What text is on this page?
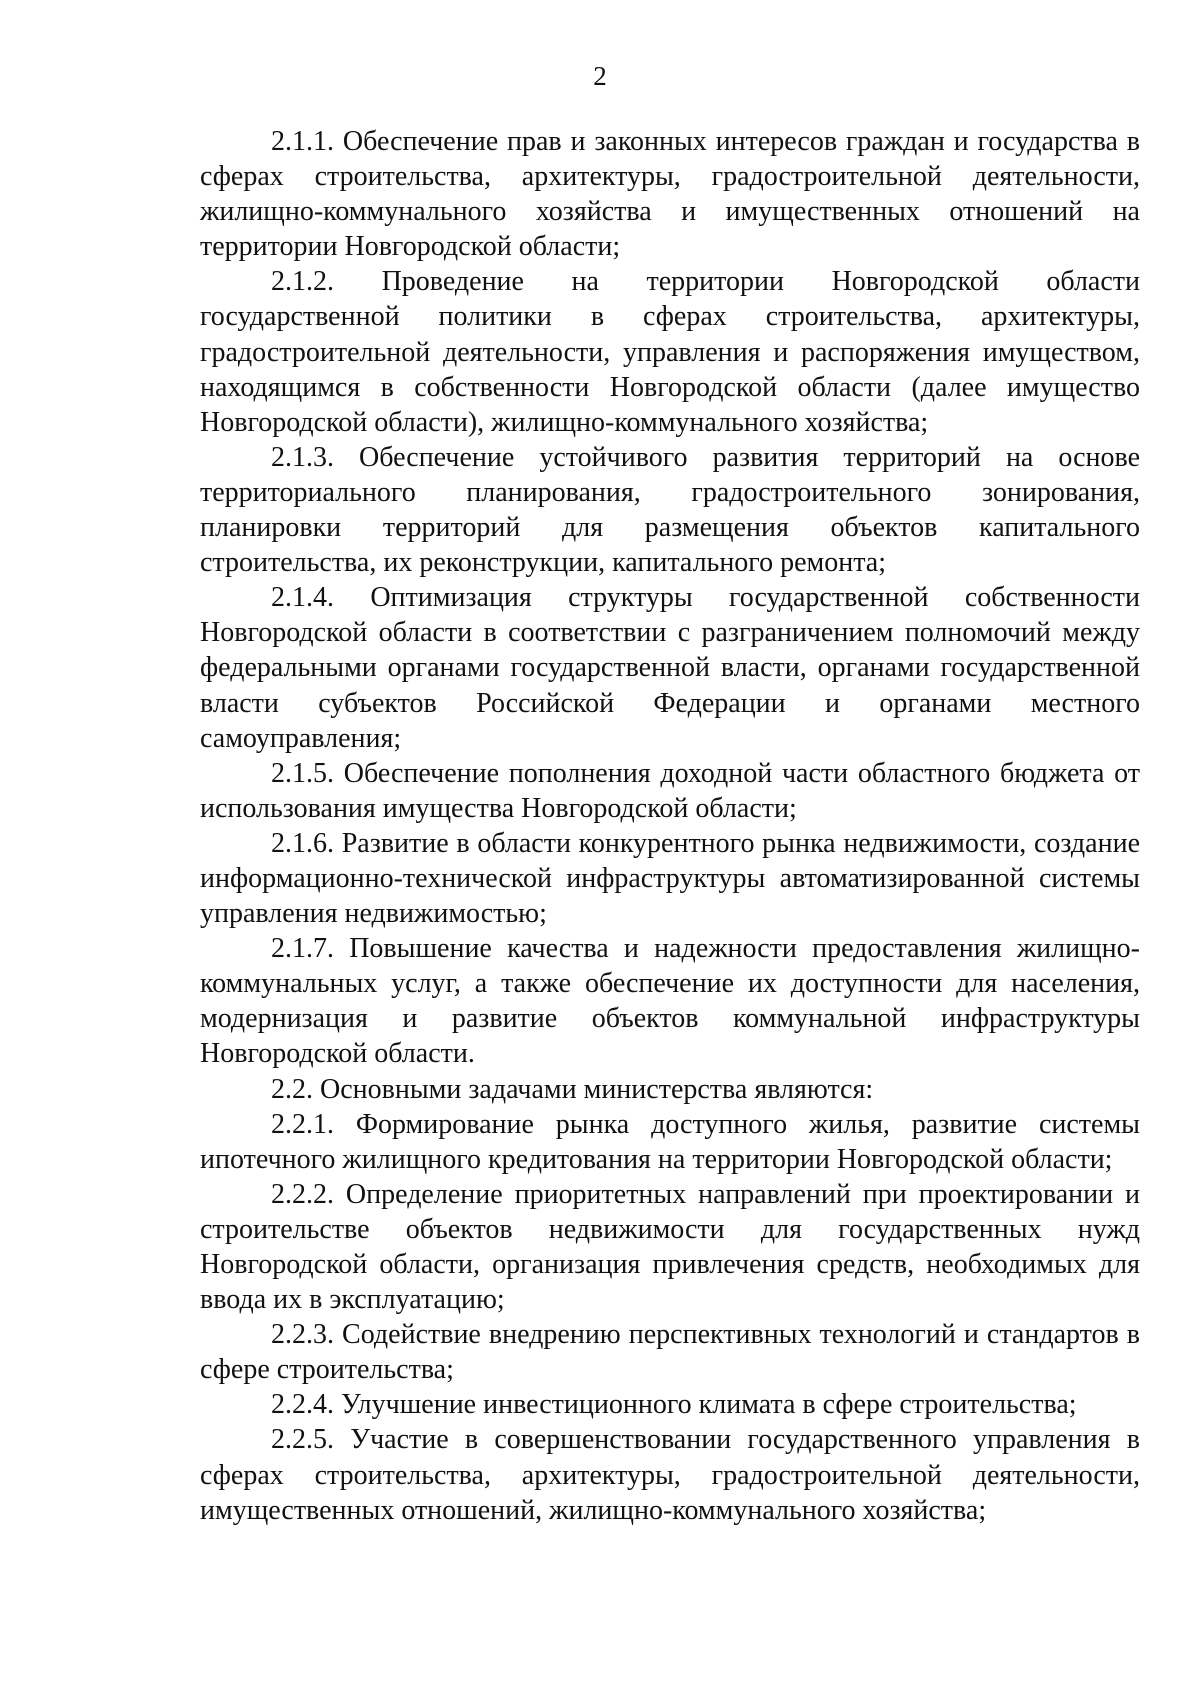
2

2.1.1. Обеспечение прав и законных интересов граждан и государства в сферах строительства, архитектуры, градостроительной деятельности, жилищно-коммунального хозяйства и имущественных отношений на территории Новгородской области;

2.1.2. Проведение на территории Новгородской области государственной политики в сферах строительства, архитектуры, градостроительной деятельности, управления и распоряжения имуществом, находящимся в собственности Новгородской области (далее имущество Новгородской области), жилищно-коммунального хозяйства;

2.1.3. Обеспечение устойчивого развития территорий на основе территориального планирования, градостроительного зонирования, планировки территорий для размещения объектов капитального строительства, их реконструкции, капитального ремонта;

2.1.4. Оптимизация структуры государственной собственности Новгородской области в соответствии с разграничением полномочий между федеральными органами государственной власти, органами государственной власти субъектов Российской Федерации и органами местного самоуправления;

2.1.5. Обеспечение пополнения доходной части областного бюджета от использования имущества Новгородской области;

2.1.6. Развитие в области конкурентного рынка недвижимости, создание информационно-технической инфраструктуры автоматизированной системы управления недвижимостью;

2.1.7. Повышение качества и надежности предоставления жилищно-коммунальных услуг, а также обеспечение их доступности для населения, модернизация и развитие объектов коммунальной инфраструктуры Новгородской области.

2.2. Основными задачами министерства являются:

2.2.1. Формирование рынка доступного жилья, развитие системы ипотечного жилищного кредитования на территории Новгородской области;

2.2.2. Определение приоритетных направлений при проектировании и строительстве объектов недвижимости для государственных нужд Новгородской области, организация привлечения средств, необходимых для ввода их в эксплуатацию;

2.2.3. Содействие внедрению перспективных технологий и стандартов в сфере строительства;

2.2.4. Улучшение инвестиционного климата в сфере строительства;

2.2.5. Участие в совершенствовании государственного управления в сферах строительства, архитектуры, градостроительной деятельности, имущественных отношений, жилищно-коммунального хозяйства;
